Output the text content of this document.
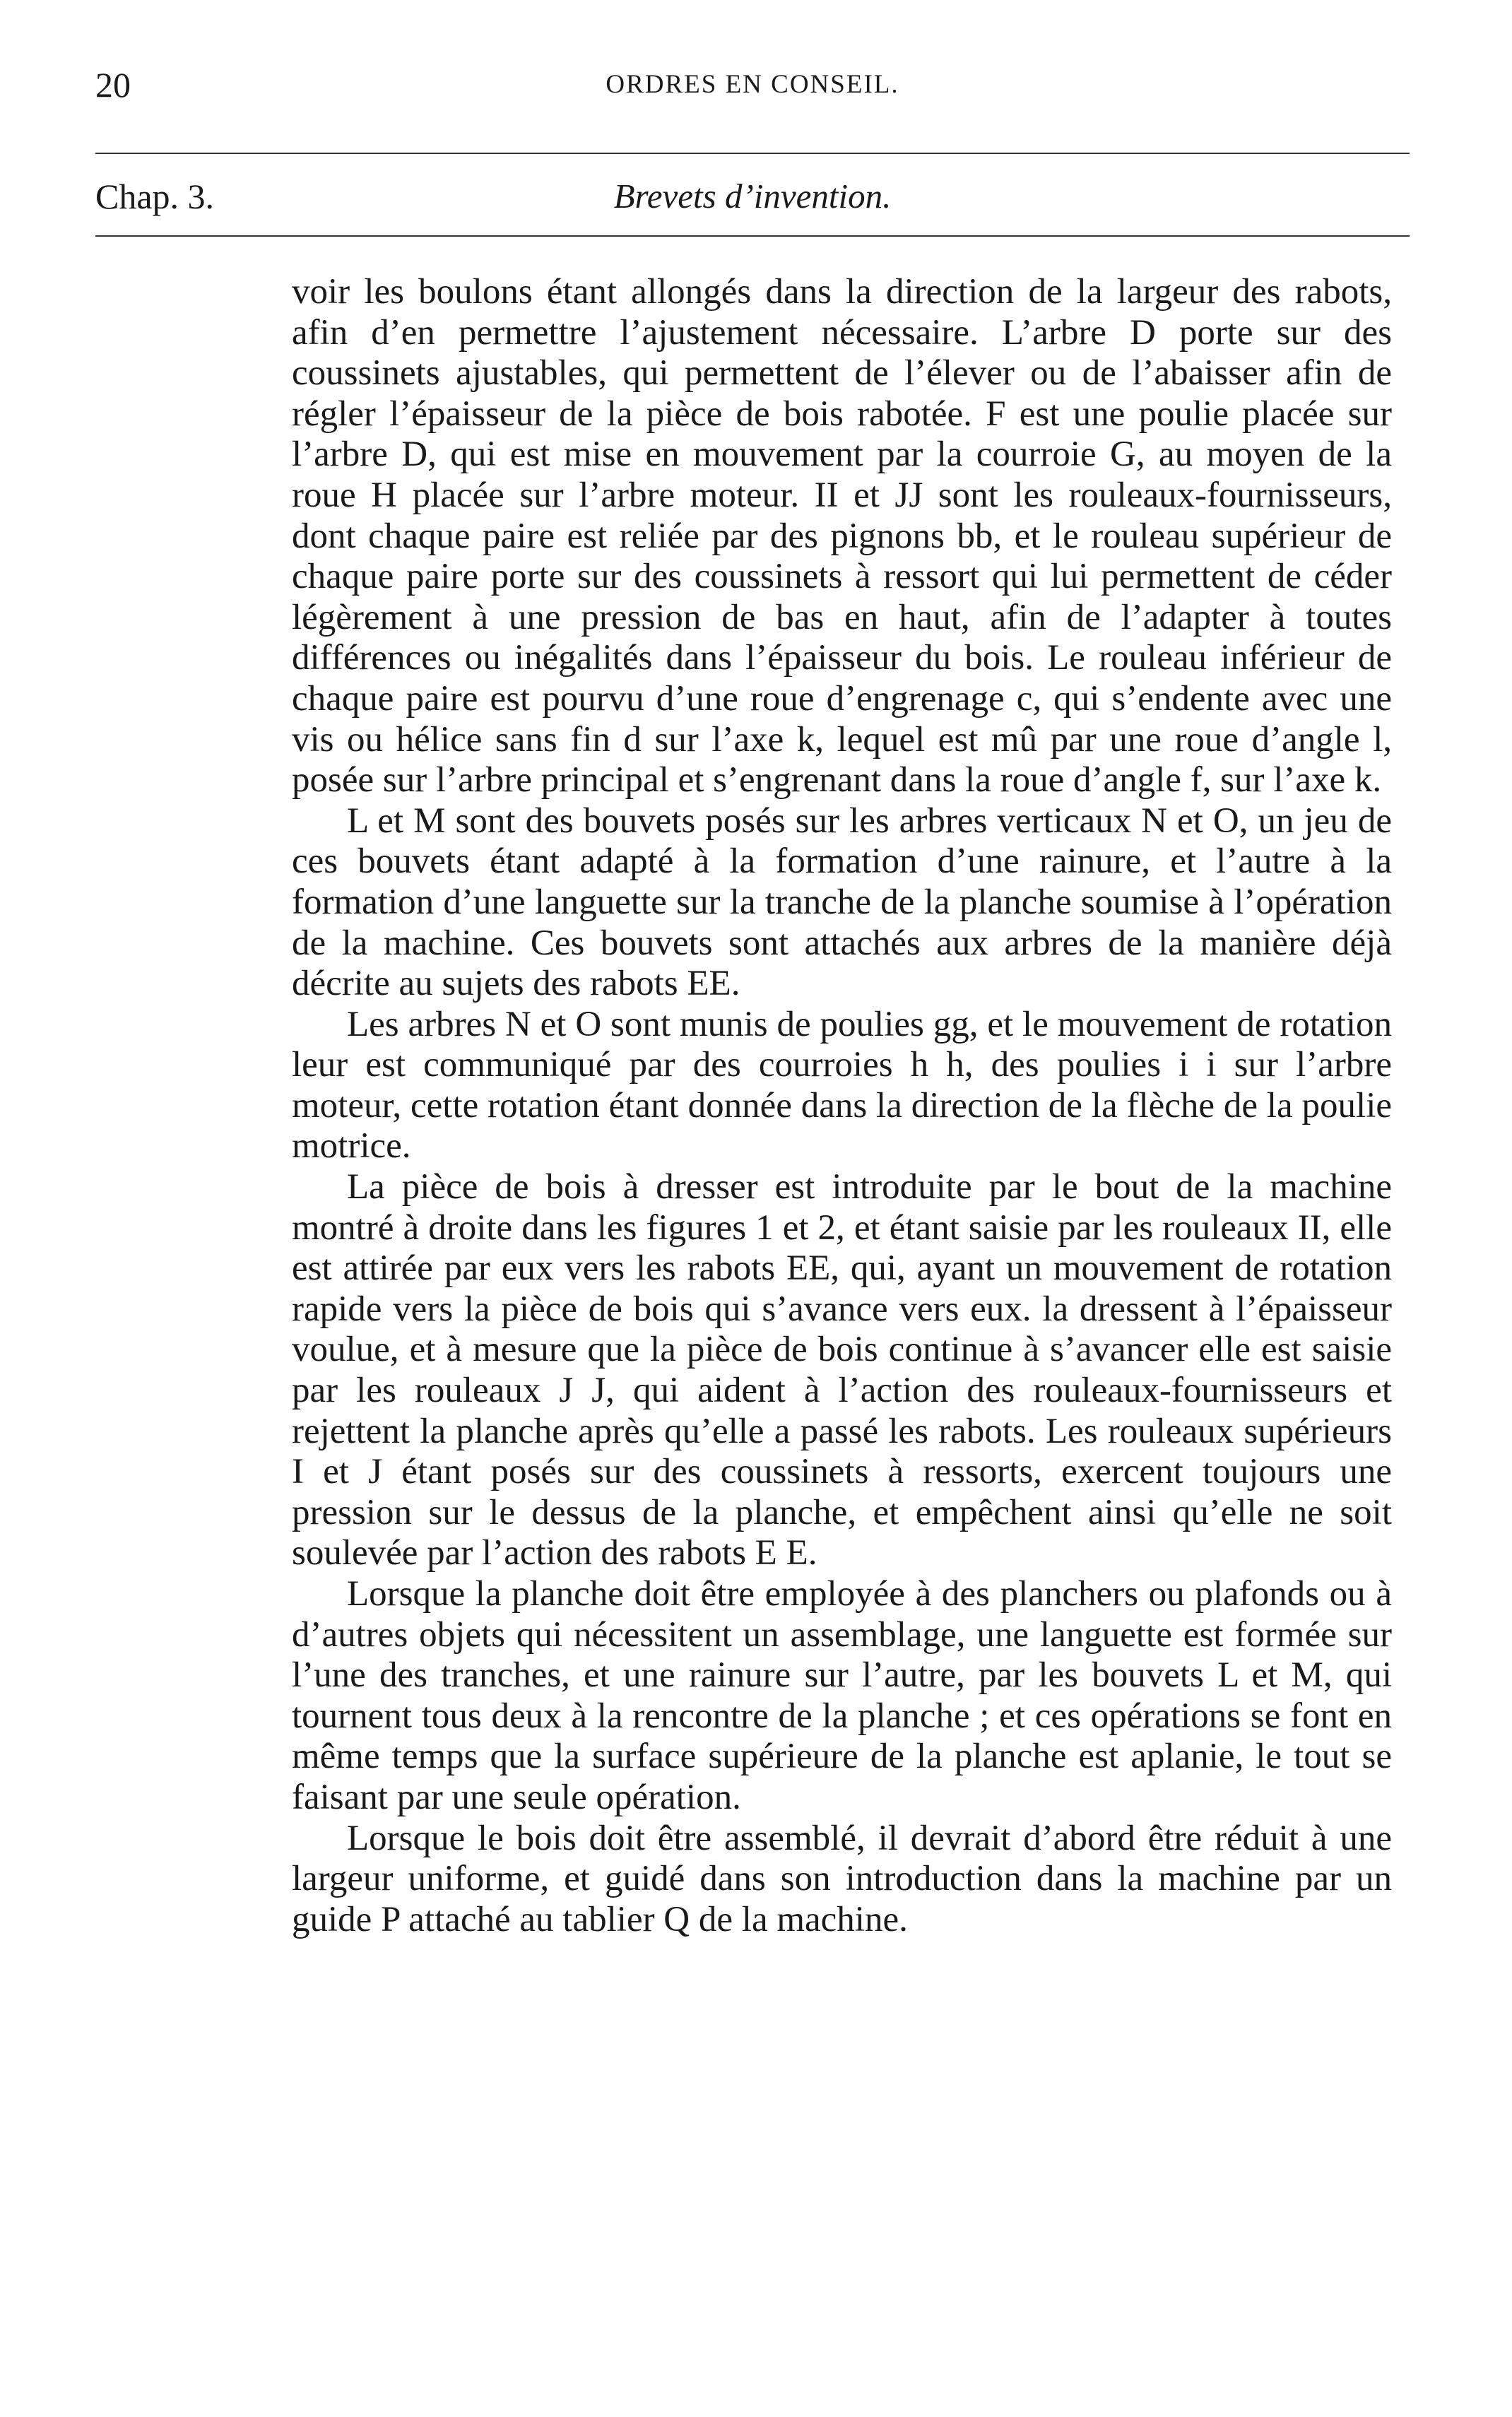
20	ORDRES EN CONSEIL.
Chap. 3.	Brevets d’invention.

voir les boulons étant allongés dans la direction de la largeur des rabots, afin d’en permettre l’ajustement nécessaire. L’arbre D porte sur des coussinets ajustables, qui permettent de l’élever ou de l’abaisser afin de régler l’épaisseur de la pièce de bois rabotée. F est une poulie placée sur l’arbre D, qui est mise en mouvement par la courroie G, au moyen de la roue H placée sur l’arbre moteur. II et JJ sont les rouleaux-fournisseurs, dont chaque paire est reliée par des pignons bb, et le rouleau supérieur de chaque paire porte sur des coussinets à ressort qui lui permettent de céder légèrement à une pression de bas en haut, afin de l’adapter à toutes différences ou inégalités dans l’épaisseur du bois. Le rouleau inférieur de chaque paire est pourvu d’une roue d’engrenage c, qui s’endente avec une vis ou hélice sans fin d sur l’axe k, lequel est mû par une roue d’angle l, posée sur l’arbre principal et s’engrenant dans la roue d’angle f, sur l’axe k.

L et M sont des bouvets posés sur les arbres verticaux N et O, un jeu de ces bouvets étant adapté à la formation d’une rainure, et l’autre à la formation d’une languette sur la tranche de la planche soumise à l’opération de la machine. Ces bouvets sont attachés aux arbres de la manière déjà décrite au sujets des rabots EE.

Les arbres N et O sont munis de poulies gg, et le mouvement de rotation leur est communiqué par des courroies h h, des poulies i i sur l’arbre moteur, cette rotation étant donnée dans la direction de la flèche de la poulie motrice.

La pièce de bois à dresser est introduite par le bout de la machine montré à droite dans les figures 1 et 2, et étant saisie par les rouleaux II, elle est attirée par eux vers les rabots EE, qui, ayant un mouvement de rotation rapide vers la pièce de bois qui s’avance vers eux. la dressent à l’épaisseur voulue, et à mesure que la pièce de bois continue à s’avancer elle est saisie par les rouleaux J J, qui aident à l’action des rouleaux-fournisseurs et rejettent la planche après qu’elle a passé les rabots. Les rouleaux supérieurs I et J étant posés sur des coussinets à ressorts, exercent toujours une pression sur le dessus de la planche, et empêchent ainsi qu’elle ne soit soulevée par l’action des rabots E E.

Lorsque la planche doit être employée à des planchers ou plafonds ou à d’autres objets qui nécessitent un assemblage, une languette est formée sur l’une des tranches, et une rainure sur l’autre, par les bouvets L et M, qui tournent tous deux à la rencontre de la planche ; et ces opérations se font en même temps que la surface supérieure de la planche est aplanie, le tout se faisant par une seule opération.

Lorsque le bois doit être assemblé, il devrait d’abord être réduit à une largeur uniforme, et guidé dans son introduction dans la machine par un guide P attaché au tablier Q de la machine.
